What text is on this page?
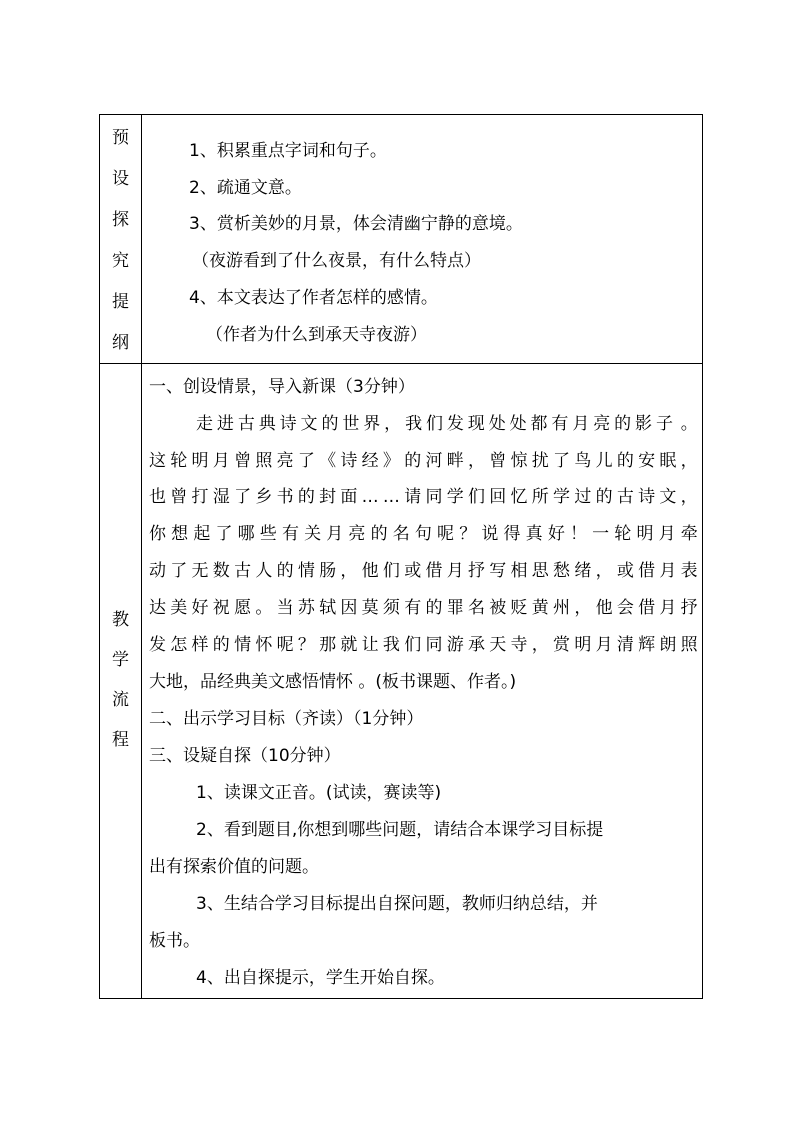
预
设
探
究
提
纲
1、积累重点字词和句子。
2、疏通文意。
3、赏析美妙的月景，体会清幽宁静的意境。
（夜游看到了什么夜景，有什么特点）
4、本文表达了作者怎样的感情。
（作者为什么到承天寺夜游）
教
学
流
程
一、创设情景，导入新课（3分钟）
走 进 古 典 诗 文 的 世 界 ， 我 们 发 现 处 处 都 有 月 亮 的 影 子 。
这 轮 明 月 曾 照 亮 了 《 诗 经 》 的 河 畔 ， 曾 惊 扰 了 鸟 儿 的 安 眠 ，
也 曾 打 湿 了 乡 书 的 封 面 … … 请 同 学 们 回 忆 所 学 过 的 古 诗 文 ，
你 想 起 了 哪 些 有 关 月 亮 的 名 句 呢 ？ 说 得 真 好 ！ 一 轮 明 月 牵
动 了 无 数 古 人 的 情 肠 ， 他 们 或 借 月 抒 写 相 思 愁 绪 ， 或 借 月 表
达 美 好 祝 愿 。 当 苏 轼 因 莫 须 有 的 罪 名 被 贬 黄 州 ， 他 会 借 月 抒
发 怎 样 的 情 怀 呢 ？ 那 就 让 我 们 同 游 承 天 寺 ， 赏 明 月 清 辉 朗 照
大地，品经典美文感悟情怀 。(板书课题、作者。)
二、出示学习目标（齐读）（1分钟）
三、设疑自探（10分钟）
1、读课文正音。(试读，赛读等)
2、看到题目,你想到哪些问题，请结合本课学习目标提
出有探索价值的问题。
3、生结合学习目标提出自探问题，教师归纳总结，并
板书。
4、出自探提示，学生开始自探。
